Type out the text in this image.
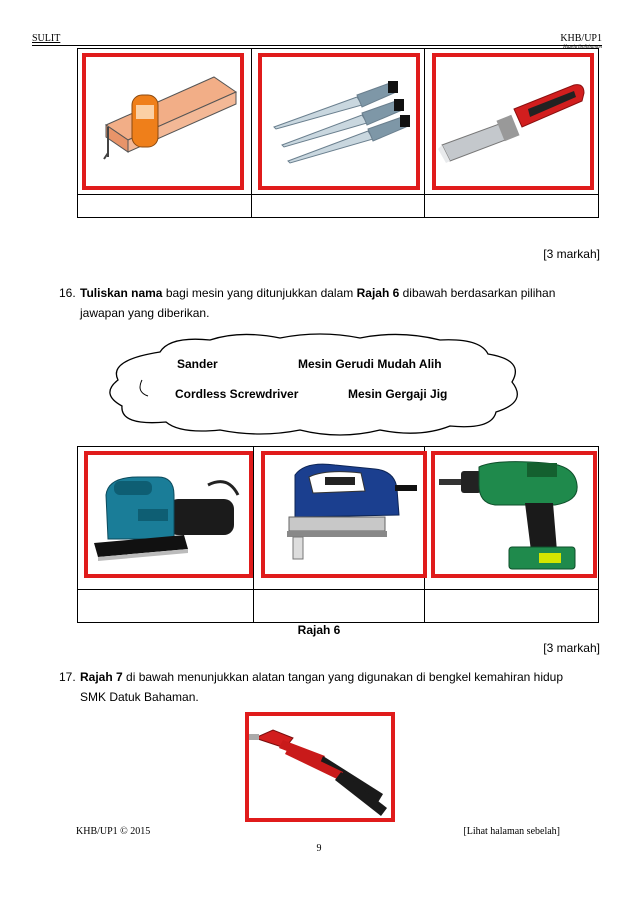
SULIT	KHB/UP1
Hazeltribofobamon

[3 markah]
16. Tuliskan nama bagi mesin yang ditunjukkan dalam Rajah 6 dibawah berdasarkan pilihan
jawapan yang diberikan.
Sander	Mesin Gerudi Mudah Alih
Cordless Screwdriver	Mesin Gergaji Jig

Rajah 6
[3 markah]
17. Rajah 7 di bawah menunjukkan alatan tangan yang digunakan di bengkel kemahiran hidup
SMK Datuk Bahaman.
KHB/UP1 © 2015	[Lihat halaman sebelah]
9
